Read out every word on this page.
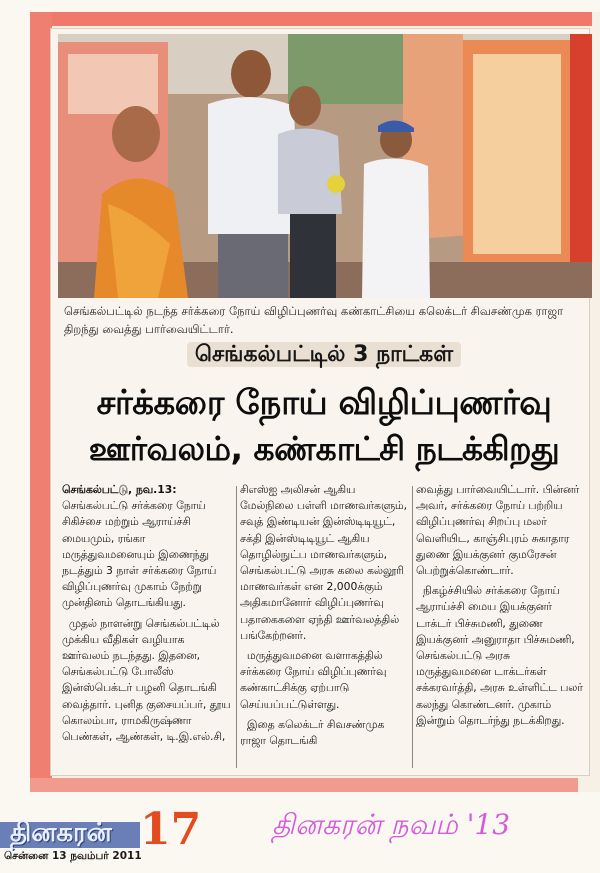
செங்கல்பட்டில் நடந்த சர்க்கரை நோய் விழிப்புணர்வு கண்காட்சியை கலெக்டர் சிவசண்முக ராஜா திறந்து வைத்து பார்வையிட்டார்.
செங்கல்பட்டில் 3 நாட்கள்
சர்க்கரை நோய் விழிப்புணர்வு
ஊர்வலம், கண்காட்சி நடக்கிறது

செங்கல்பட்டு, நவ.13: செங்கல்பட்டு சர்க்கரை நோய் சிகிச்சை மற்றும் ஆராய்ச்சி மையமும், ரங்கா மருத்துவமனையும் இணைந்து நடத்தும் 3 நாள் சர்க்கரை நோய் விழிப்புணர்வு முகாம் நேற்று முன்தினம் தொடங்கியது.

முதல் நாளன்று செங்கல்பட்டில் முக்கிய வீதிகள் வழியாக ஊர்வலம் நடந்தது. இதனை, செங்கல்பட்டு போலீஸ் இன்ஸ்பெக்டர் பழனி தொடங்கி வைத்தார். புனித குசையப்பர், தூய கொலம்பா, ராமகிருஷ்ணா பெண்கள், ஆண்கள், டி.இ.எல்.சி,

சிஎஸ்ஐ அலிசன் ஆகிய மேல்நிலை பள்ளி மாணவர்களும், சவுத் இண்டியன் இன்ஸ்டிடியூட், சக்தி இன்ஸ்டிடியூட் ஆகிய தொழில்நுட்ப மாணவர்களும், செங்கல்பட்டு அரசு கலை கல்லூரி மாணவர்கள் என 2,000க்கும் அதிகமானோர் விழிப்புணர்வு பதாகைகளை ஏந்தி ஊர்வலத்தில் பங்கேற்றனர்.

மருத்துவமனை வளாகத்தில் சர்க்கரை நோய் விழிப்புணர்வு கண்காட்சிக்கு ஏற்பாடு செய்யப்பட்டுள்ளது.

இதை கலெக்டர் சிவசண்முக ராஜா தொடங்கி

வைத்து பார்வையிட்டார். பின்னர் அவர், சர்க்கரை நோய் பற்றிய விழிப்புணர்வு சிறப்பு மலர் வெளியிட, காஞ்சிபுரம் சுகாதார துணை இயக்குனர் குமரேசன் பெற்றுக்கொண்டார்.

நிகழ்ச்சியில் சர்க்கரை நோய் ஆராய்ச்சி மைய இயக்குனர் டாக்டர் பிச்சுமணி, துணை இயக்குனர் அனுராதா பிச்சுமணி, செங்கல்பட்டு அரசு மருத்துவமனை டாக்டர்கள் சக்கரவர்த்தி, அரசு உள்ளிட்ட பலர் கலந்து கொண்டனர். முகாம் இன்றும் தொடர்ந்து நடக்கிறது.

தினகரன் 17
சென்னை 13 நவம்பர் 2011
தினகரன் நவம் '13
